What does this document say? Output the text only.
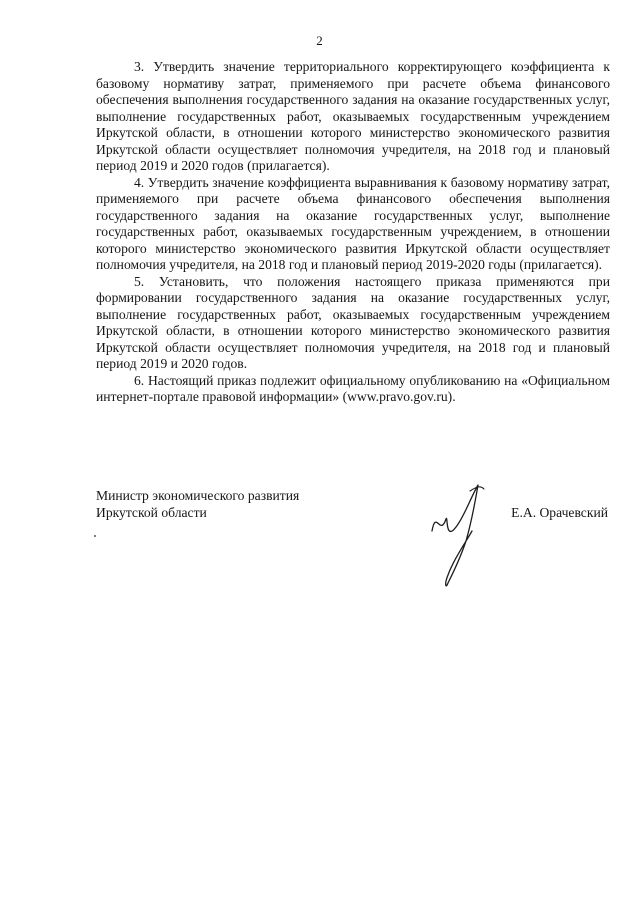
2

3. Утвердить значение территориального корректирующего коэффициента к базовому нормативу затрат, применяемого при расчете объема финансового обеспечения выполнения государственного задания на оказание государственных услуг, выполнение государственных работ, оказываемых государственным учреждением Иркутской области, в отношении которого министерство экономического развития Иркутской области осуществляет полномочия учредителя, на 2018 год и плановый период 2019 и 2020 годов (прилагается).

4. Утвердить значение коэффициента выравнивания к базовому нормативу затрат, применяемого при расчете объема финансового обеспечения выполнения государственного задания на оказание государственных услуг, выполнение государственных работ, оказываемых государственным учреждением, в отношении которого министерство экономического развития Иркутской области осуществляет полномочия учредителя, на 2018 год и плановый период 2019-2020 годы (прилагается).

5. Установить, что положения настоящего приказа применяются при формировании государственного задания на оказание государственных услуг, выполнение государственных работ, оказываемых государственным учреждением Иркутской области, в отношении которого министерство экономического развития Иркутской области осуществляет полномочия учредителя, на 2018 год и плановый период 2019 и 2020 годов.

6. Настоящий приказ подлежит официальному опубликованию на «Официальном интернет-портале правовой информации» (www.pravo.gov.ru).

Министр экономического развития
Иркутской области	Е.А. Орачевский
